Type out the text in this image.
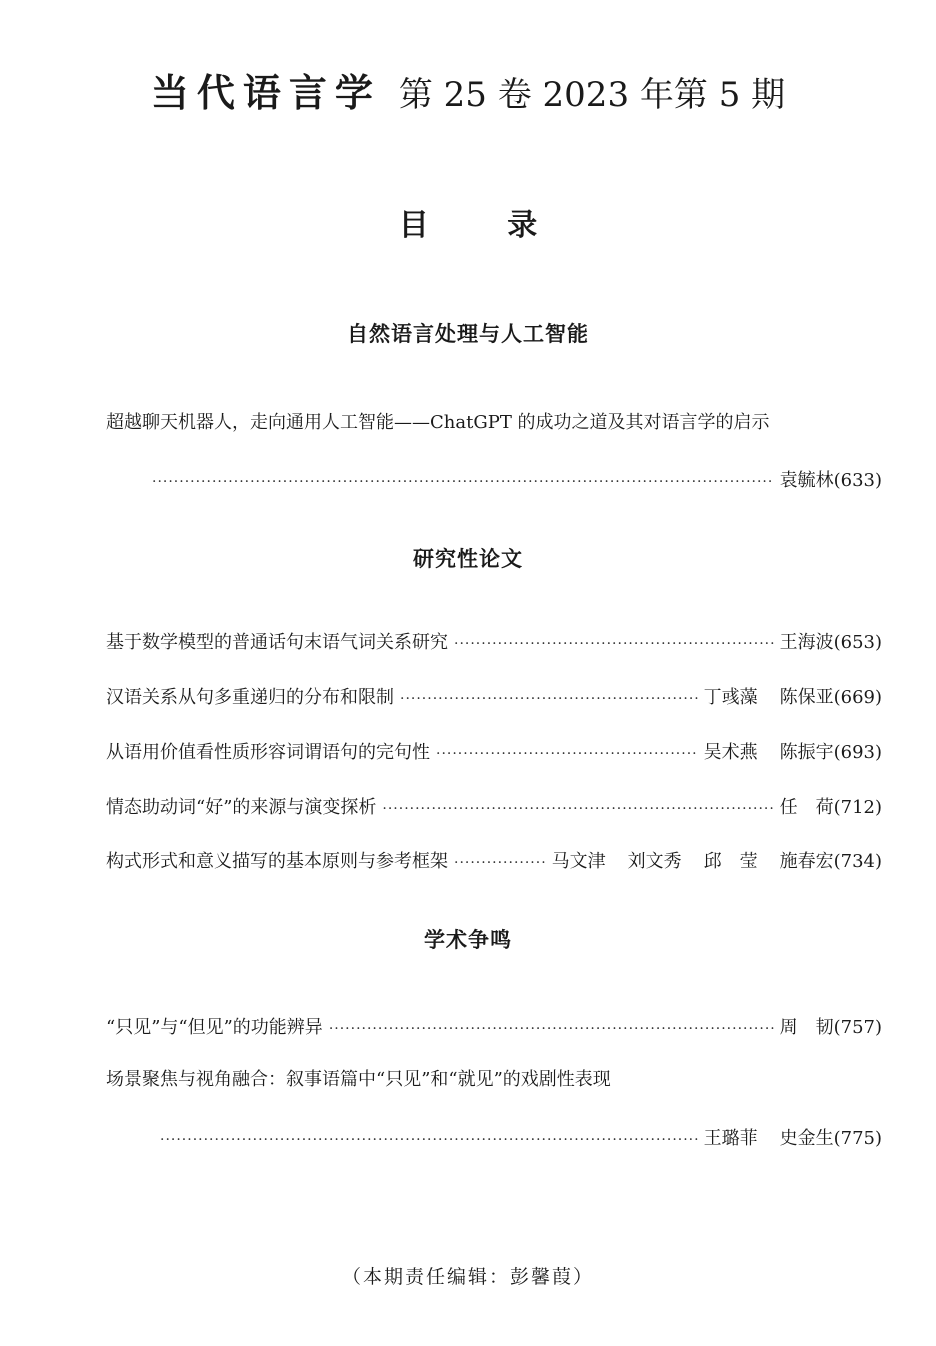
当代语言学 第 25 卷 2023 年第 5 期
目 录
自然语言处理与人工智能
超越聊天机器人，走向通用人工智能——ChatGPT 的成功之道及其对语言学的启示
·····
袁毓林 (633)
研究性论文
基于数学模型的普通话句末语气词关系研究 ·····	王海波 (653)
汉语关系从句多重递归的分布和限制 ·····	丁彧藻 陈保亚 (669)
从语用价值看性质形容词谓语句的完句性 ·····	吴术燕 陈振宇 (693)
情态助动词“好”的来源与演变探析 ·····	任　荷 (712)
构式形式和意义描写的基本原则与参考框架 ·····	马文津 刘文秀 邱　莹 施春宏 (734)
学术争鸣
“只见”与“但见”的功能辨异 ·····	周　韧 (757)
场景聚焦与视角融合：叙事语篇中“只见”和“就见”的戏剧性表现
·····
王璐菲 史金生 (775)
（本期责任编辑：彭馨葭）
